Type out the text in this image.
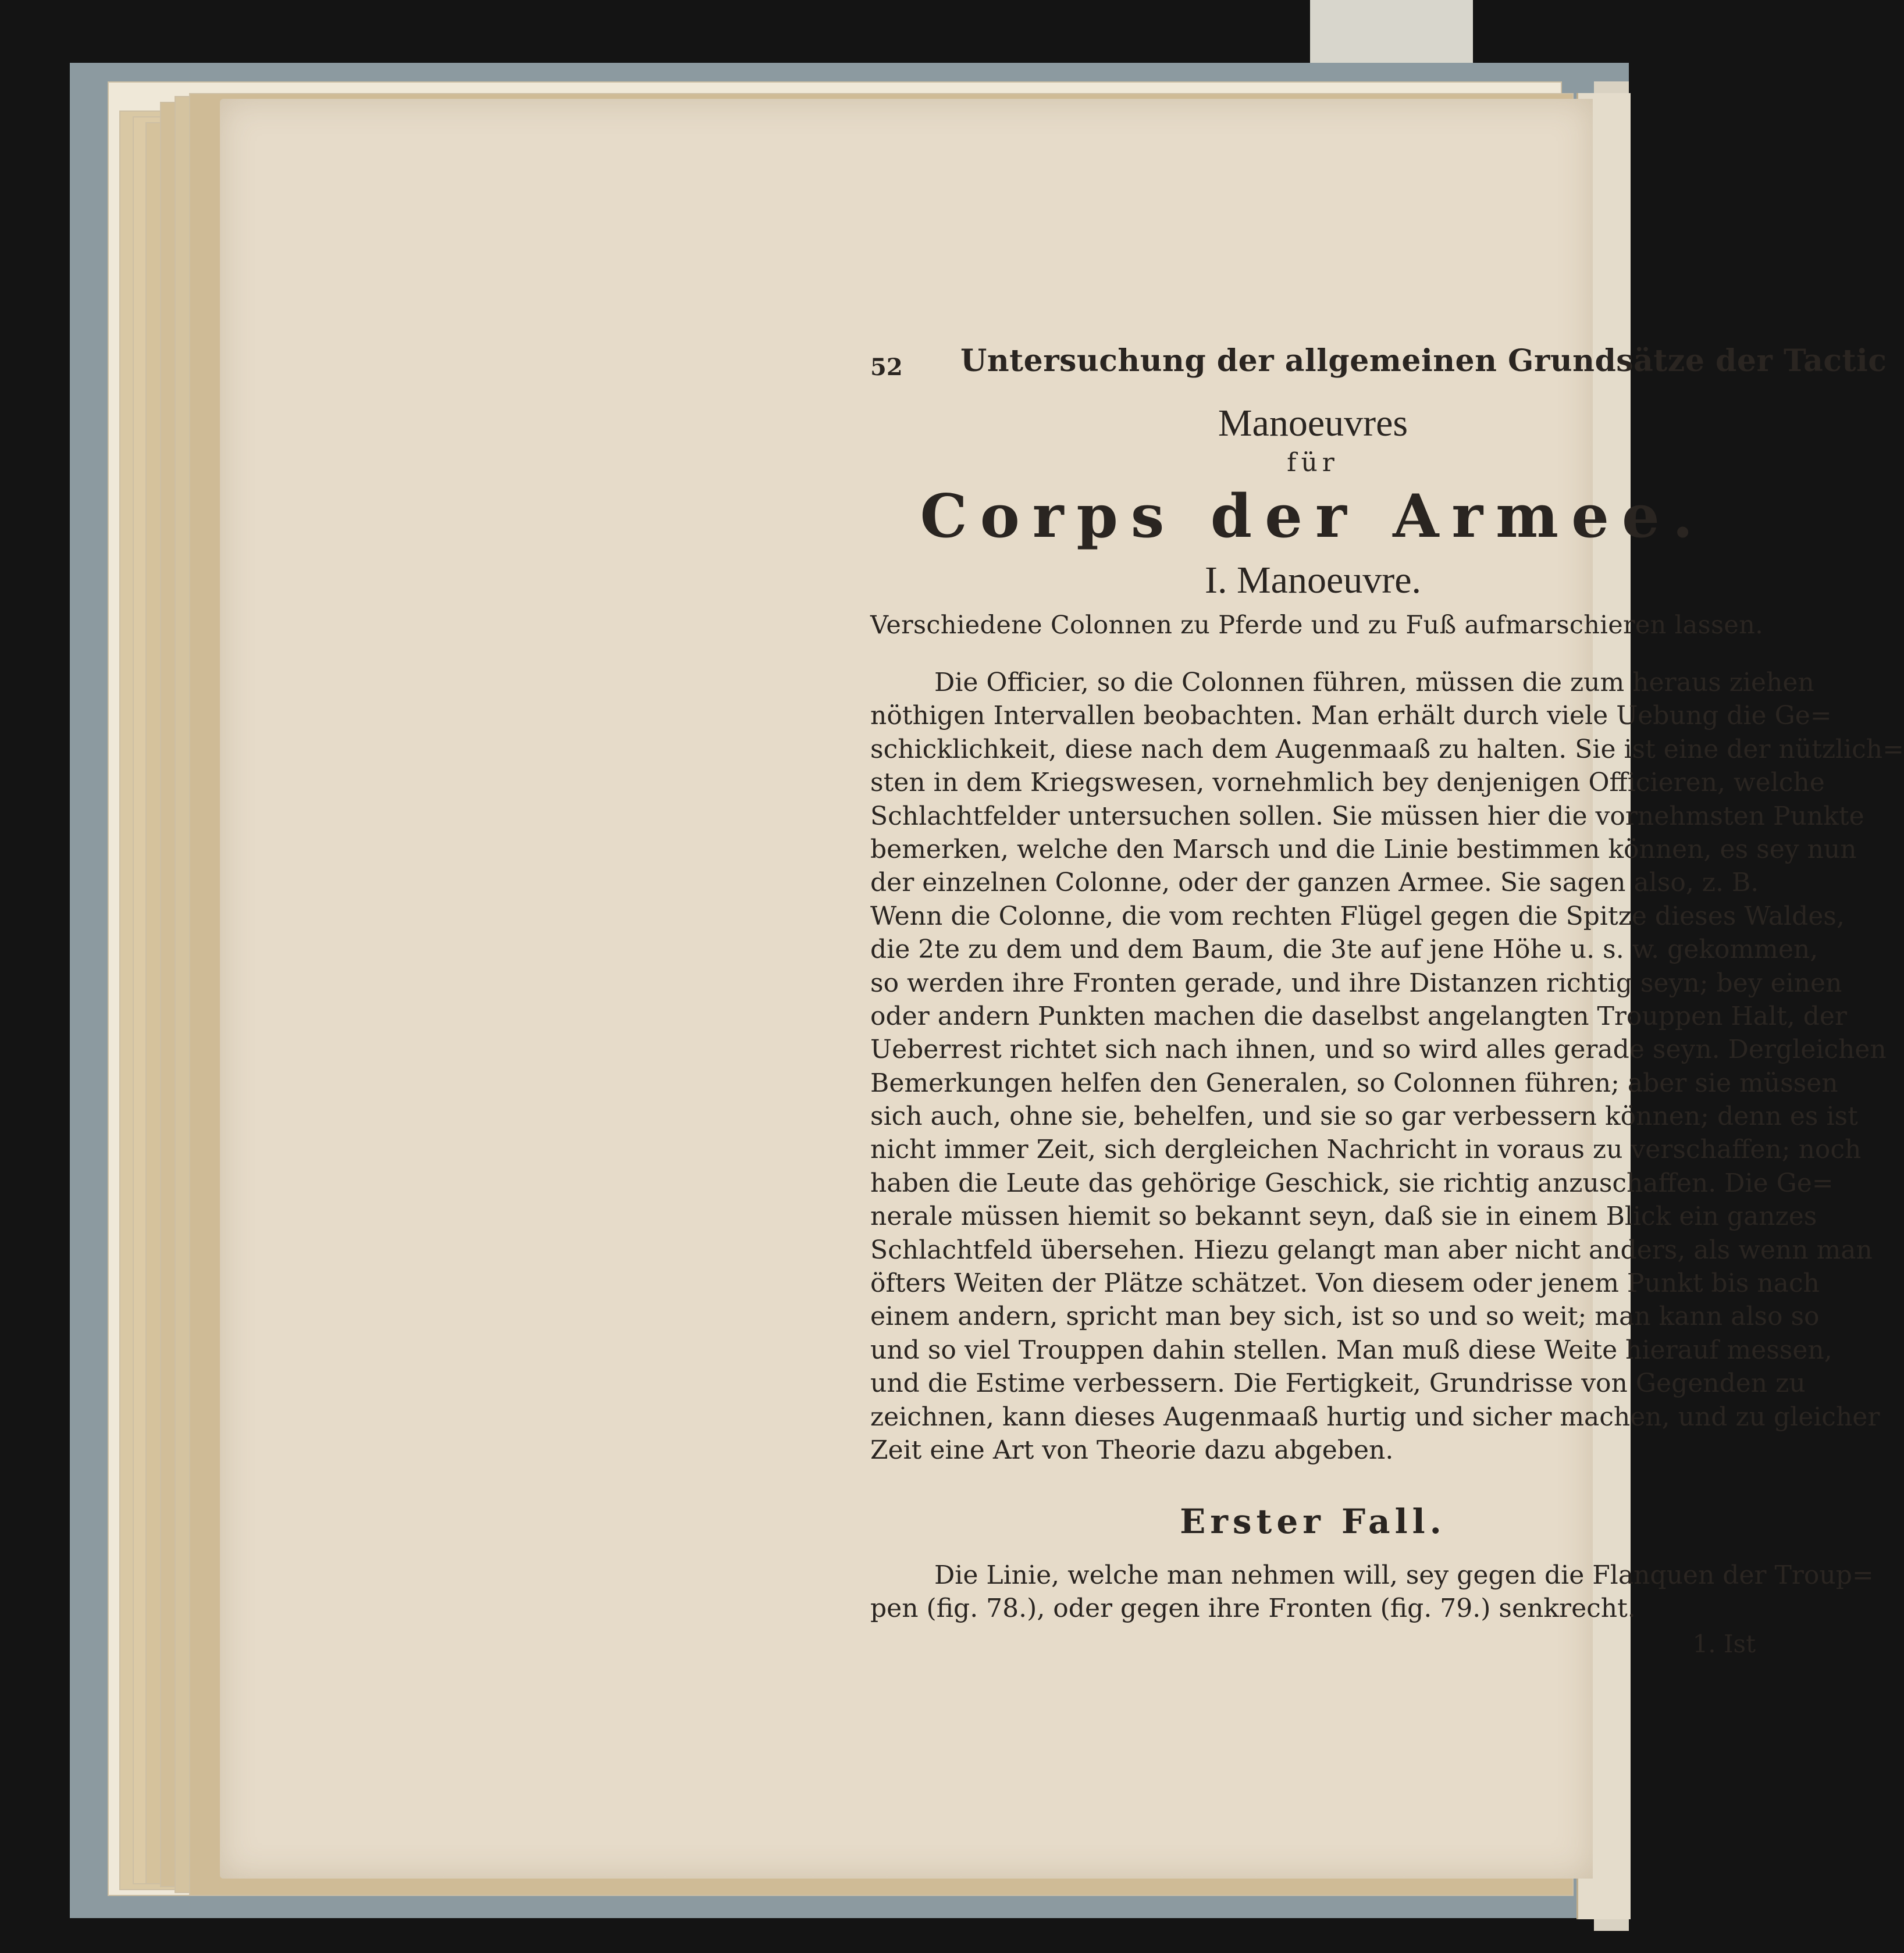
52 Untersuchung der allgemeinen Grundsätze der Tactic
Manoeuvres
für
Corps der Armee.
I. Manoeuvre.
Verschiedene Colonnen zu Pferde und zu Fuß aufmarschieren lassen.
Die Officier, so die Colonnen führen, müssen die zum heraus ziehen
nöthigen Intervallen beobachten. Man erhält durch viele Uebung die Ge=
schicklichkeit, diese nach dem Augenmaaß zu halten. Sie ist eine der nützlich=
sten in dem Kriegswesen, vornehmlich bey denjenigen Officieren, welche
Schlachtfelder untersuchen sollen. Sie müssen hier die vornehmsten Punkte
bemerken, welche den Marsch und die Linie bestimmen können, es sey nun
der einzelnen Colonne, oder der ganzen Armee. Sie sagen also, z. B.
Wenn die Colonne, die vom rechten Flügel gegen die Spitze dieses Waldes,
die 2te zu dem und dem Baum, die 3te auf jene Höhe u. s. w. gekommen,
so werden ihre Fronten gerade, und ihre Distanzen richtig seyn; bey einen
oder andern Punkten machen die daselbst angelangten Trouppen Halt, der
Ueberrest richtet sich nach ihnen, und so wird alles gerade seyn. Dergleichen
Bemerkungen helfen den Generalen, so Colonnen führen; aber sie müssen
sich auch, ohne sie, behelfen, und sie so gar verbessern können; denn es ist
nicht immer Zeit, sich dergleichen Nachricht in voraus zu verschaffen; noch
haben die Leute das gehörige Geschick, sie richtig anzuschaffen. Die Ge=
nerale müssen hiemit so bekannt seyn, daß sie in einem Blick ein ganzes
Schlachtfeld übersehen. Hiezu gelangt man aber nicht anders, als wenn man
öfters Weiten der Plätze schätzet. Von diesem oder jenem Punkt bis nach
einem andern, spricht man bey sich, ist so und so weit; man kann also so
und so viel Trouppen dahin stellen. Man muß diese Weite hierauf messen,
und die Estime verbessern. Die Fertigkeit, Grundrisse von Gegenden zu
zeichnen, kann dieses Augenmaaß hurtig und sicher machen, und zu gleicher
Zeit eine Art von Theorie dazu abgeben.
Erster Fall.
Die Linie, welche man nehmen will, sey gegen die Flanquen der Troup=
pen (fig. 78.), oder gegen ihre Fronten (fig. 79.) senkrecht.
1. Ist
